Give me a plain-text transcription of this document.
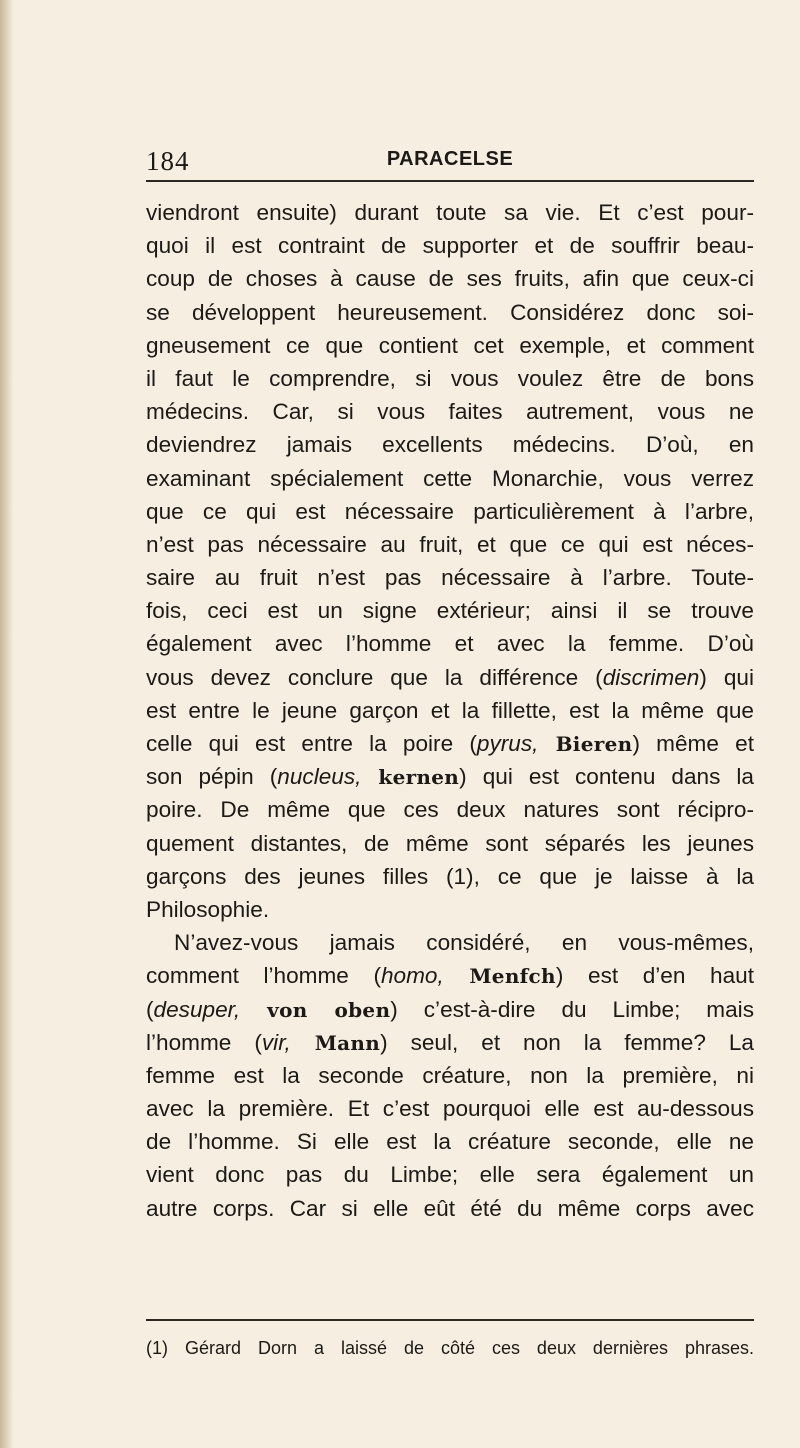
184	PARACELSE
viendront ensuite) durant toute sa vie. Et c’est pour-
quoi il est contraint de supporter et de souffrir beau-
coup de choses à cause de ses fruits, afin que ceux-ci
se développent heureusement. Considérez donc soi-
gneusement ce que contient cet exemple, et comment
il faut le comprendre, si vous voulez être de bons
médecins. Car, si vous faites autrement, vous ne
deviendrez jamais excellents médecins. D’où, en
examinant spécialement cette Monarchie, vous verrez
que ce qui est nécessaire particulièrement à l’arbre,
n’est pas nécessaire au fruit, et que ce qui est néces-
saire au fruit n’est pas nécessaire à l’arbre. Toute-
fois, ceci est un signe extérieur; ainsi il se trouve
également avec l’homme et avec la femme. D’où
vous devez conclure que la différence (discrimen) qui
est entre le jeune garçon et la fillette, est la même que
celle qui est entre la poire (pyrus, Bieren) même et
son pépin (nucleus, kernen) qui est contenu dans la
poire. De même que ces deux natures sont récipro-
quement distantes, de même sont séparés les jeunes
garçons des jeunes filles (1), ce que je laisse à la
Philosophie.
N’avez-vous jamais considéré, en vous-mêmes,
comment l’homme (homo, Menfch) est d’en haut
(desuper, von oben) c’est-à-dire du Limbe; mais
l’homme (vir, Mann) seul, et non la femme? La
femme est la seconde créature, non la première, ni
avec la première. Et c’est pourquoi elle est au-dessous
de l’homme. Si elle est la créature seconde, elle ne
vient donc pas du Limbe; elle sera également un
autre corps. Car si elle eût été du même corps avec
(1) Gérard Dorn a laissé de côté ces deux dernières phrases.
